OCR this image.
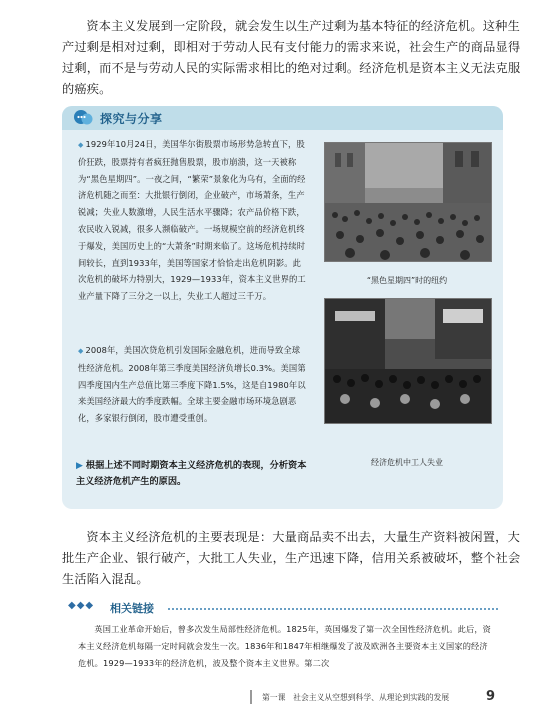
资本主义发展到一定阶段，就会发生以生产过剩为基本特征的经济危机。这种生产过剩是相对过剩，即相对于劳动人民有支付能力的需求来说，社会生产的商品显得过剩，而不是与劳动人民的实际需求相比的绝对过剩。经济危机是资本主义无法克服的癌疾。

探究与分享

◆ 1929年10月24日，美国华尔街股票市场形势急转直下，股价狂跌，股票持有者疯狂抛售股票，股市崩溃，这一天被称为“黑色星期四”。一夜之间，“繁荣”景象化为乌有，全面的经济危机随之而至：大批银行倒闭，企业破产，市场萧条，生产锐减；失业人数激增，人民生活水平骤降；农产品价格下跌，农民收入锐减，很多人濒临破产。一场规模空前的经济危机终于爆发，美国历史上的“大萧条”时期来临了。这场危机持续时间较长，直到1933年，美国等国家才恰恰走出危机阴影。此次危机的破坏力特别大，1929—1933年，资本主义世界的工业产量下降了三分之一以上，失业工人超过三千万。

◆ 2008年，美国次贷危机引发国际金融危机，进而导致全球性经济危机。2008年第三季度美国经济负增长0.3%。美国第四季度国内生产总值比第三季度下降1.5%，这是自1980年以来美国经济最大的季度跌幅。全球主要金融市场环境急剧恶化，多家银行倒闭，股市遭受重创。

“黑色星期四”时的纽约
经济危机中工人失业

▶ 根据上述不同时期资本主义经济危机的表现，分析资本主义经济危机产生的原因。

资本主义经济危机的主要表现是：大量商品卖不出去，大量生产资料被闲置，大批生产企业、银行破产，大批工人失业，生产迅速下降，信用关系被破坏，整个社会生活陷入混乱。

◆◆◆ 相关链接

英国工业革命开始后，曾多次发生局部性经济危机。1825年，英国爆发了第一次全国性经济危机。此后，资本主义经济危机每隔一定时间就会发生一次。1836年和1847年相继爆发了波及欧洲各主要资本主义国家的经济危机。1929—1933年的经济危机，波及整个资本主义世界。第二次

第一课　社会主义从空想到科学、从理论到实践的发展	9
